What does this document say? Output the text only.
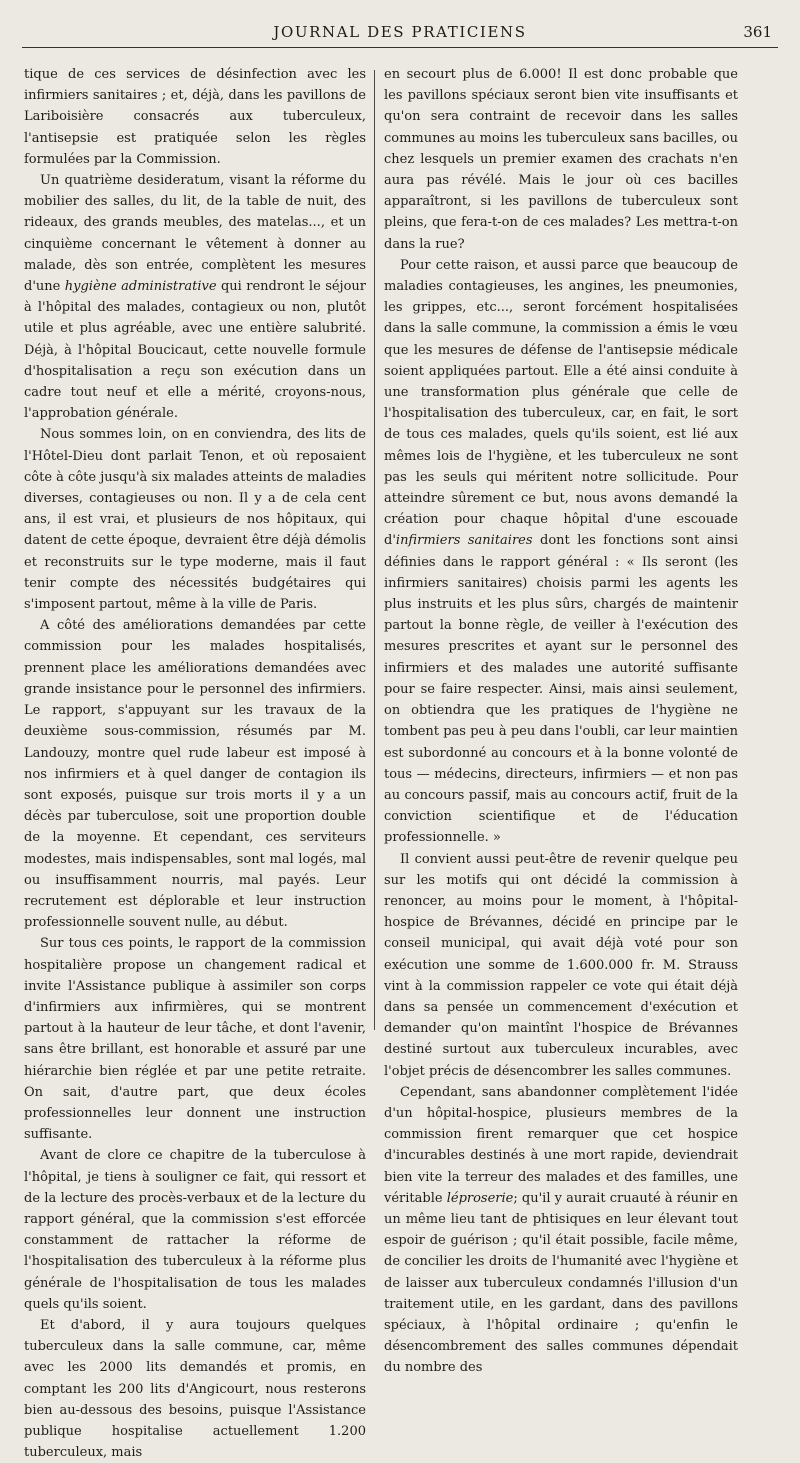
JOURNAL DES PRATICIENS	361

tique de ces services de désinfection avec les infirmiers sanitaires ; et, déjà, dans les pavillons de Lariboisière consacrés aux tuberculeux, l'antisepsie est pratiquée selon les règles formulées par la Commission.

Un quatrième desideratum, visant la réforme du mobilier des salles, du lit, de la table de nuit, des rideaux, des grands meubles, des matelas..., et un cinquième concernant le vêtement à donner au malade, dès son entrée, complètent les mesures d'une hygiène administrative qui rendront le séjour à l'hôpital des malades, contagieux ou non, plutôt utile et plus agréable, avec une entière salubrité. Déjà, à l'hôpital Boucicaut, cette nouvelle formule d'hospitalisation a reçu son exécution dans un cadre tout neuf et elle a mérité, croyons-nous, l'approbation générale.

Nous sommes loin, on en conviendra, des lits de l'Hôtel-Dieu dont parlait Tenon, et où reposaient côte à côte jusqu'à six malades atteints de maladies diverses, contagieuses ou non. Il y a de cela cent ans, il est vrai, et plusieurs de nos hôpitaux, qui datent de cette époque, devraient être déjà démolis et reconstruits sur le type moderne, mais il faut tenir compte des nécessités budgétaires qui s'imposent partout, même à la ville de Paris.

A côté des améliorations demandées par cette commission pour les malades hospitalisés, prennent place les améliorations demandées avec grande insistance pour le personnel des infirmiers. Le rapport, s'appuyant sur les travaux de la deuxième sous-commission, résumés par M. Landouzy, montre quel rude labeur est imposé à nos infirmiers et à quel danger de contagion ils sont exposés, puisque sur trois morts il y a un décès par tuberculose, soit une proportion double de la moyenne. Et cependant, ces serviteurs modestes, mais indispensables, sont mal logés, mal ou insuffisamment nourris, mal payés. Leur recrutement est déplorable et leur instruction professionnelle souvent nulle, au début.

Sur tous ces points, le rapport de la commission hospitalière propose un changement radical et invite l'Assistance publique à assimiler son corps d'infirmiers aux infirmières, qui se montrent partout à la hauteur de leur tâche, et dont l'avenir, sans être brillant, est honorable et assuré par une hiérarchie bien réglée et par une petite retraite. On sait, d'autre part, que deux écoles professionnelles leur donnent une instruction suffisante.

Avant de clore ce chapitre de la tuberculose à l'hôpital, je tiens à souligner ce fait, qui ressort et de la lecture des procès-verbaux et de la lecture du rapport général, que la commission s'est efforcée constamment de rattacher la réforme de l'hospitalisation des tuberculeux à la réforme plus générale de l'hospitalisation de tous les malades quels qu'ils soient.

Et d'abord, il y aura toujours quelques tuberculeux dans la salle commune, car, même avec les 2000 lits demandés et promis, en comptant les 200 lits d'Angicourt, nous resterons bien au-dessous des besoins, puisque l'Assistance publique hospitalise actuellement 1.200 tuberculeux, mais

en secourt plus de 6.000! Il est donc probable que les pavillons spéciaux seront bien vite insuffisants et qu'on sera contraint de recevoir dans les salles communes au moins les tuberculeux sans bacilles, ou chez lesquels un premier examen des crachats n'en aura pas révélé. Mais le jour où ces bacilles apparaîtront, si les pavillons de tuberculeux sont pleins, que fera-t-on de ces malades? Les mettra-t-on dans la rue?

Pour cette raison, et aussi parce que beaucoup de maladies contagieuses, les angines, les pneumonies, les grippes, etc..., seront forcément hospitalisées dans la salle commune, la commission a émis le vœu que les mesures de défense de l'antisepsie médicale soient appliquées partout. Elle a été ainsi conduite à une transformation plus générale que celle de l'hospitalisation des tuberculeux, car, en fait, le sort de tous ces malades, quels qu'ils soient, est lié aux mêmes lois de l'hygiène, et les tuberculeux ne sont pas les seuls qui méritent notre sollicitude. Pour atteindre sûrement ce but, nous avons demandé la création pour chaque hôpital d'une escouade d'infirmiers sanitaires dont les fonctions sont ainsi définies dans le rapport général : « Ils seront (les infirmiers sanitaires) choisis parmi les agents les plus instruits et les plus sûrs, chargés de maintenir partout la bonne règle, de veiller à l'exécution des mesures prescrites et ayant sur le personnel des infirmiers et des malades une autorité suffisante pour se faire respecter. Ainsi, mais ainsi seulement, on obtiendra que les pratiques de l'hygiène ne tombent pas peu à peu dans l'oubli, car leur maintien est subordonné au concours et à la bonne volonté de tous — médecins, directeurs, infirmiers — et non pas au concours passif, mais au concours actif, fruit de la conviction scientifique et de l'éducation professionnelle. »

Il convient aussi peut-être de revenir quelque peu sur les motifs qui ont décidé la commission à renoncer, au moins pour le moment, à l'hôpital-hospice de Brévannes, décidé en principe par le conseil municipal, qui avait déjà voté pour son exécution une somme de 1.600.000 fr. M. Strauss vint à la commission rappeler ce vote qui était déjà dans sa pensée un commencement d'exécution et demander qu'on maintînt l'hospice de Brévannes destiné surtout aux tuberculeux incurables, avec l'objet précis de désencombrer les salles communes.

Cependant, sans abandonner complètement l'idée d'un hôpital-hospice, plusieurs membres de la commission firent remarquer que cet hospice d'incurables destinés à une mort rapide, deviendrait bien vite la terreur des malades et des familles, une véritable léproserie; qu'il y aurait cruauté à réunir en un même lieu tant de phtisiques en leur élevant tout espoir de guérison ; qu'il était possible, facile même, de concilier les droits de l'humanité avec l'hygiène et de laisser aux tuberculeux condamnés l'illusion d'un traitement utile, en les gardant, dans des pavillons spéciaux, à l'hôpital ordinaire ; qu'enfin le désencombrement des salles communes dépendait du nombre des
